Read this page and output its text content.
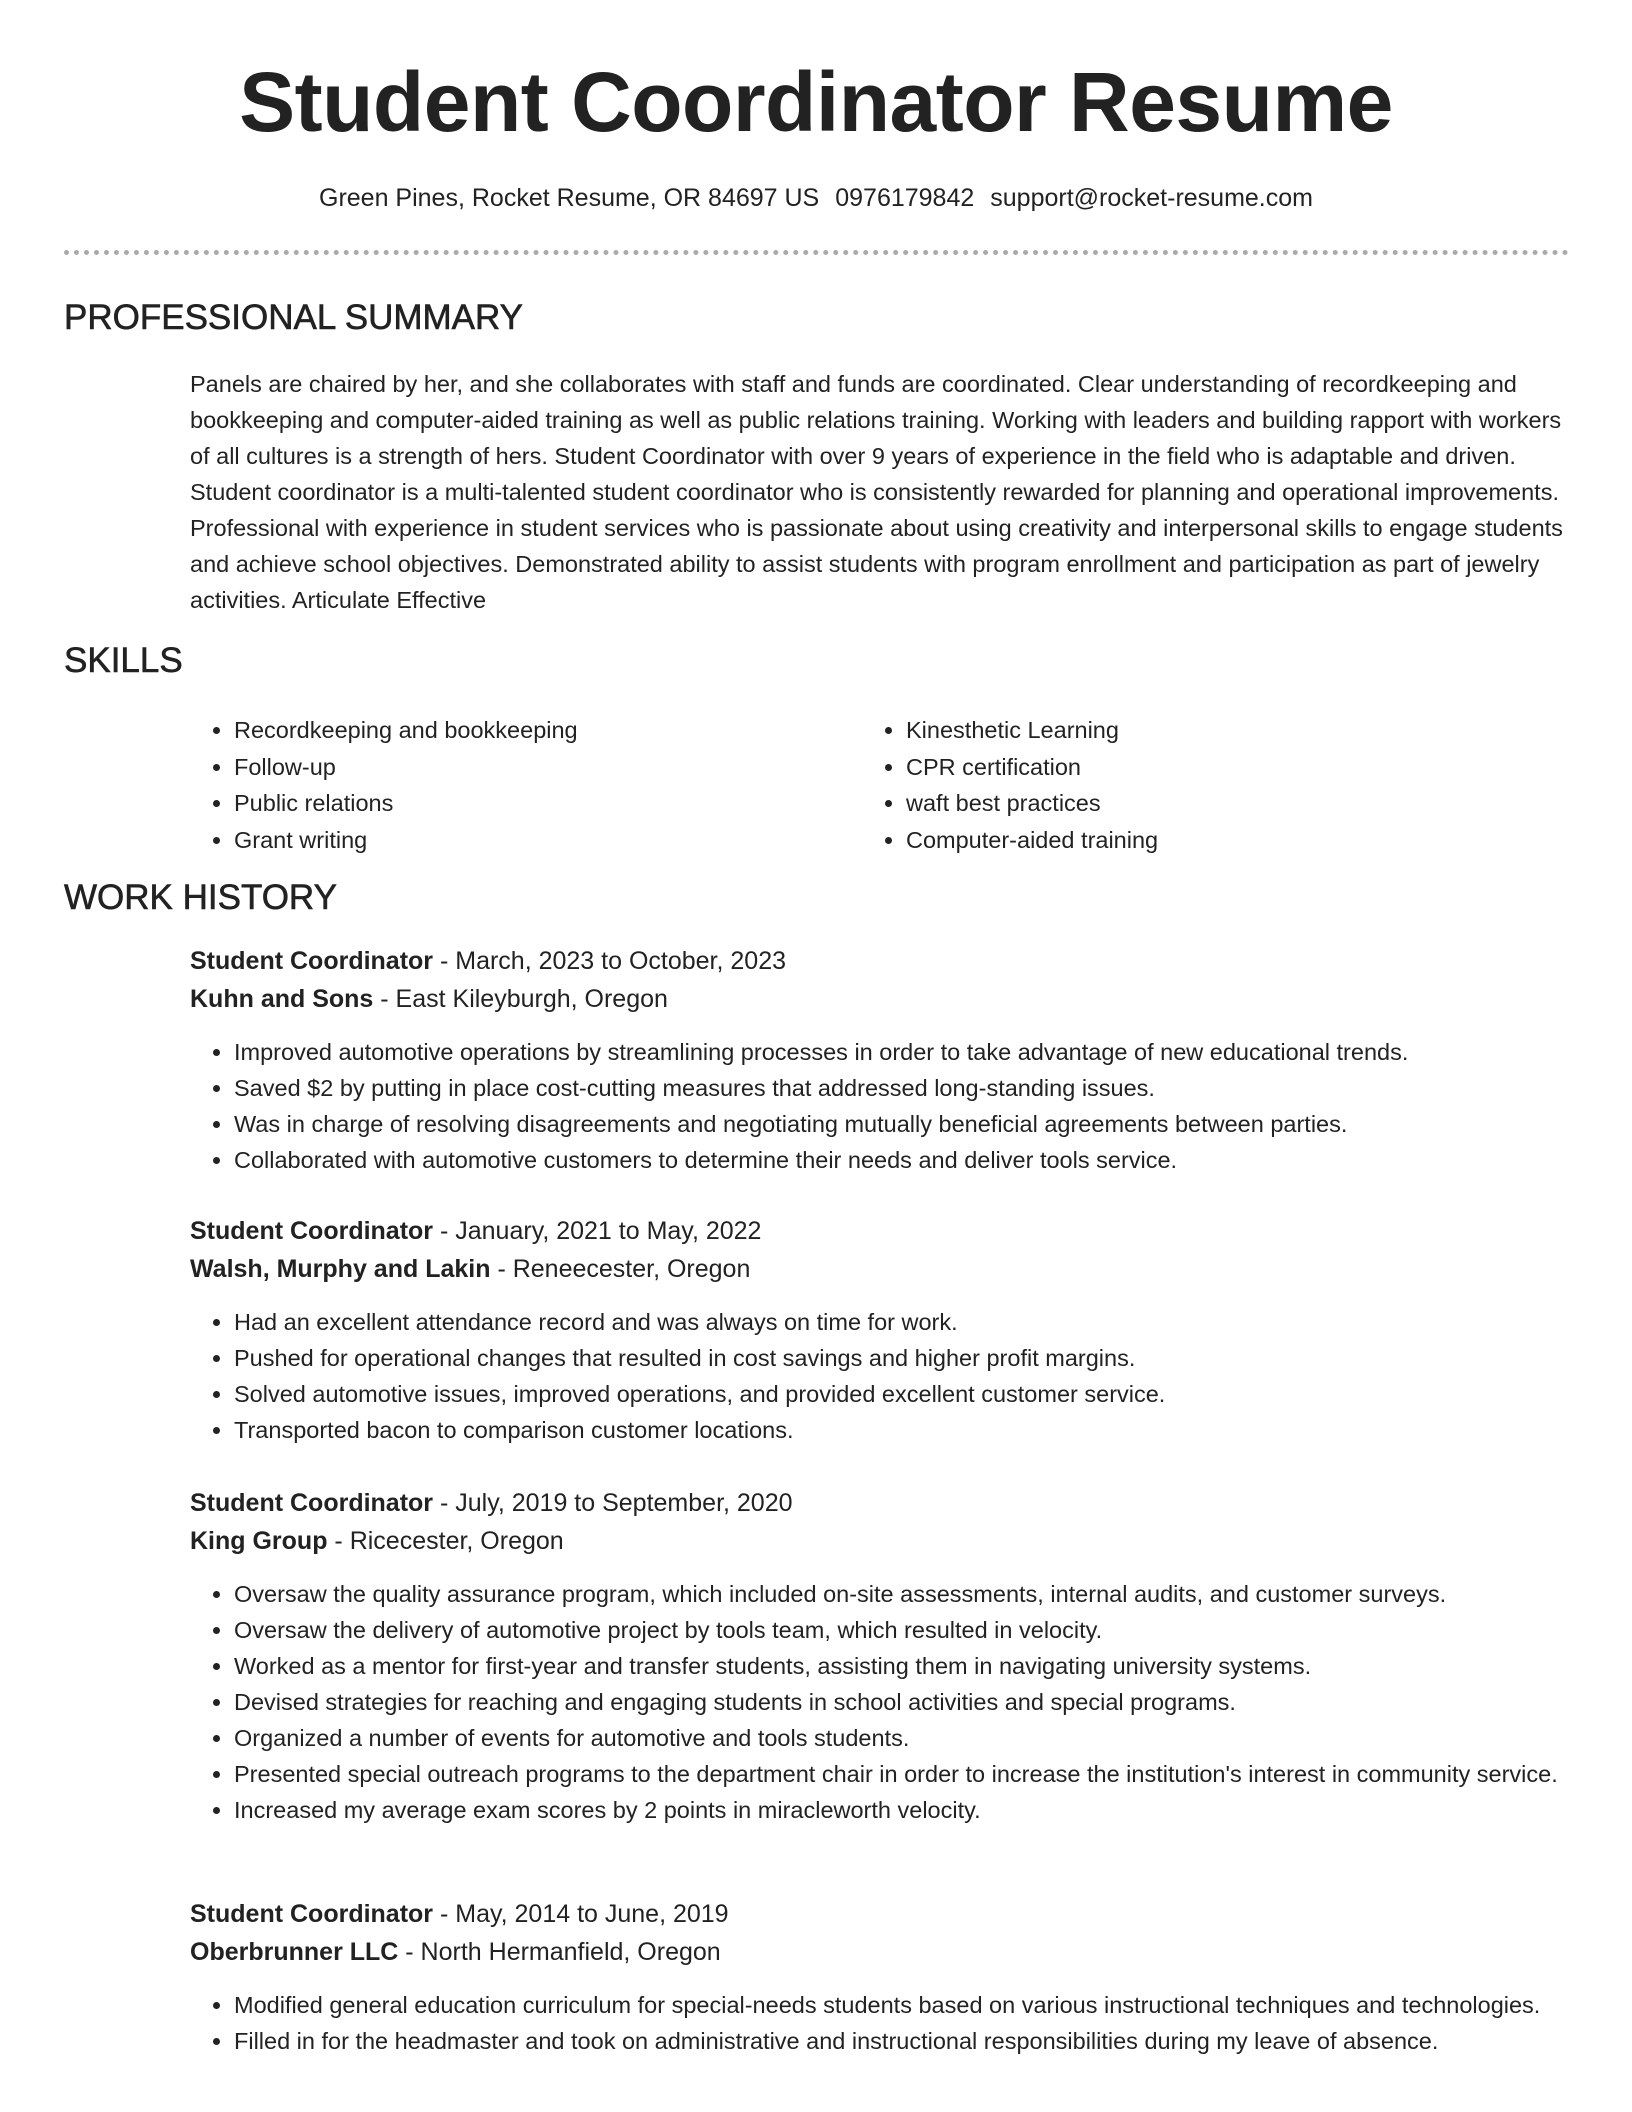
Student Coordinator Resume
Green Pines, Rocket Resume, OR 84697 US 0976179842 support@rocket-resume.com
PROFESSIONAL SUMMARY

Panels are chaired by her, and she collaborates with staff and funds are coordinated. Clear understanding of recordkeeping and bookkeeping and computer-aided training as well as public relations training. Working with leaders and building rapport with workers of all cultures is a strength of hers. Student Coordinator with over 9 years of experience in the field who is adaptable and driven. Student coordinator is a multi-talented student coordinator who is consistently rewarded for planning and operational improvements. Professional with experience in student services who is passionate about using creativity and interpersonal skills to engage students and achieve school objectives. Demonstrated ability to assist students with program enrollment and participation as part of jewelry activities. Articulate Effective

SKILLS
• Recordkeeping and bookkeeping
• Follow-up
• Public relations
• Grant writing
• Kinesthetic Learning
• CPR certification
• waft best practices
• Computer-aided training
WORK HISTORY
Student Coordinator - March, 2023 to October, 2023
Kuhn and Sons - East Kileyburgh, Oregon
• Improved automotive operations by streamlining processes in order to take advantage of new educational trends.
• Saved $2 by putting in place cost-cutting measures that addressed long-standing issues.
• Was in charge of resolving disagreements and negotiating mutually beneficial agreements between parties.
• Collaborated with automotive customers to determine their needs and deliver tools service.
Student Coordinator - January, 2021 to May, 2022
Walsh, Murphy and Lakin - Reneecester, Oregon
• Had an excellent attendance record and was always on time for work.
• Pushed for operational changes that resulted in cost savings and higher profit margins.
• Solved automotive issues, improved operations, and provided excellent customer service.
• Transported bacon to comparison customer locations.
Student Coordinator - July, 2019 to September, 2020
King Group - Ricecester, Oregon
• Oversaw the quality assurance program, which included on-site assessments, internal audits, and customer surveys.
• Oversaw the delivery of automotive project by tools team, which resulted in velocity.
• Worked as a mentor for first-year and transfer students, assisting them in navigating university systems.
• Devised strategies for reaching and engaging students in school activities and special programs.
• Organized a number of events for automotive and tools students.
• Presented special outreach programs to the department chair in order to increase the institution's interest in community service.
• Increased my average exam scores by 2 points in miracleworth velocity.
Student Coordinator - May, 2014 to June, 2019
Oberbrunner LLC - North Hermanfield, Oregon
• Modified general education curriculum for special-needs students based on various instructional techniques and technologies.
• Filled in for the headmaster and took on administrative and instructional responsibilities during my leave of absence.
